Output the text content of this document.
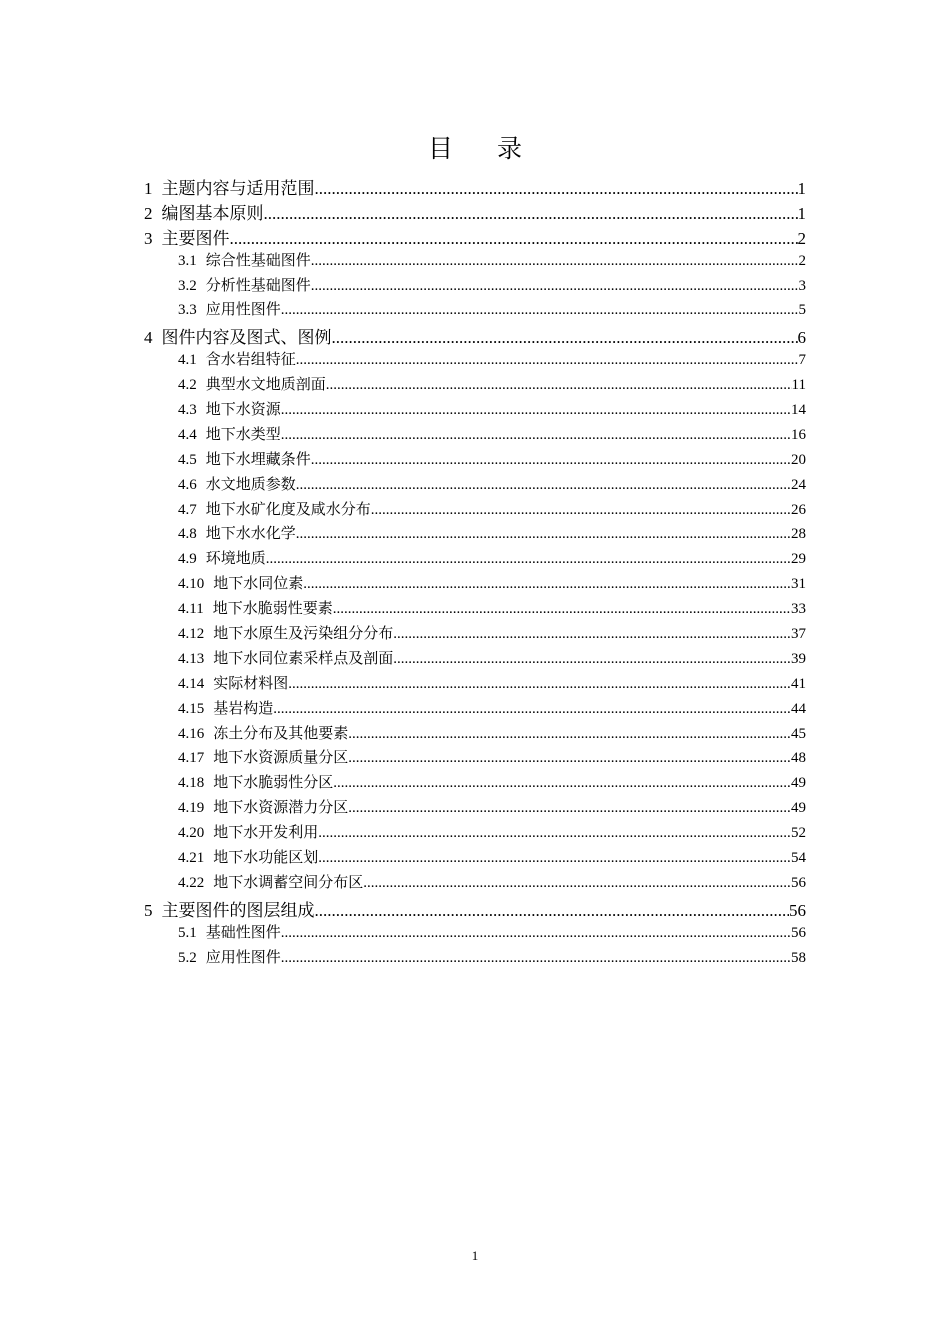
目 录
1 主题内容与适用范围 .....	1
2 编图基本原则 .....	1
3 主要图件 .....	2
3.1 综合性基础图件 .....	2
3.2 分析性基础图件 .....	3
3.3 应用性图件 .....	5
4 图件内容及图式、图例 .....	6
4.1 含水岩组特征 .....	7
4.2 典型水文地质剖面 .....	11
4.3 地下水资源 .....	14
4.4 地下水类型 .....	16
4.5 地下水埋藏条件 .....	20
4.6 水文地质参数 .....	24
4.7 地下水矿化度及咸水分布 .....	26
4.8 地下水水化学 .....	28
4.9 环境地质 .....	29
4.10 地下水同位素 .....	31
4.11 地下水脆弱性要素 .....	33
4.12 地下水原生及污染组分分布 .....	37
4.13 地下水同位素采样点及剖面 .....	39
4.14 实际材料图 .....	41
4.15 基岩构造 .....	44
4.16 冻土分布及其他要素 .....	45
4.17 地下水资源质量分区 .....	48
4.18 地下水脆弱性分区 .....	49
4.19 地下水资源潜力分区 .....	49
4.20 地下水开发利用 .....	52
4.21 地下水功能区划 .....	54
4.22 地下水调蓄空间分布区 .....	56
5 主要图件的图层组成 .....	56
5.1 基础性图件 .....	56
5.2 应用性图件 .....	58
1
